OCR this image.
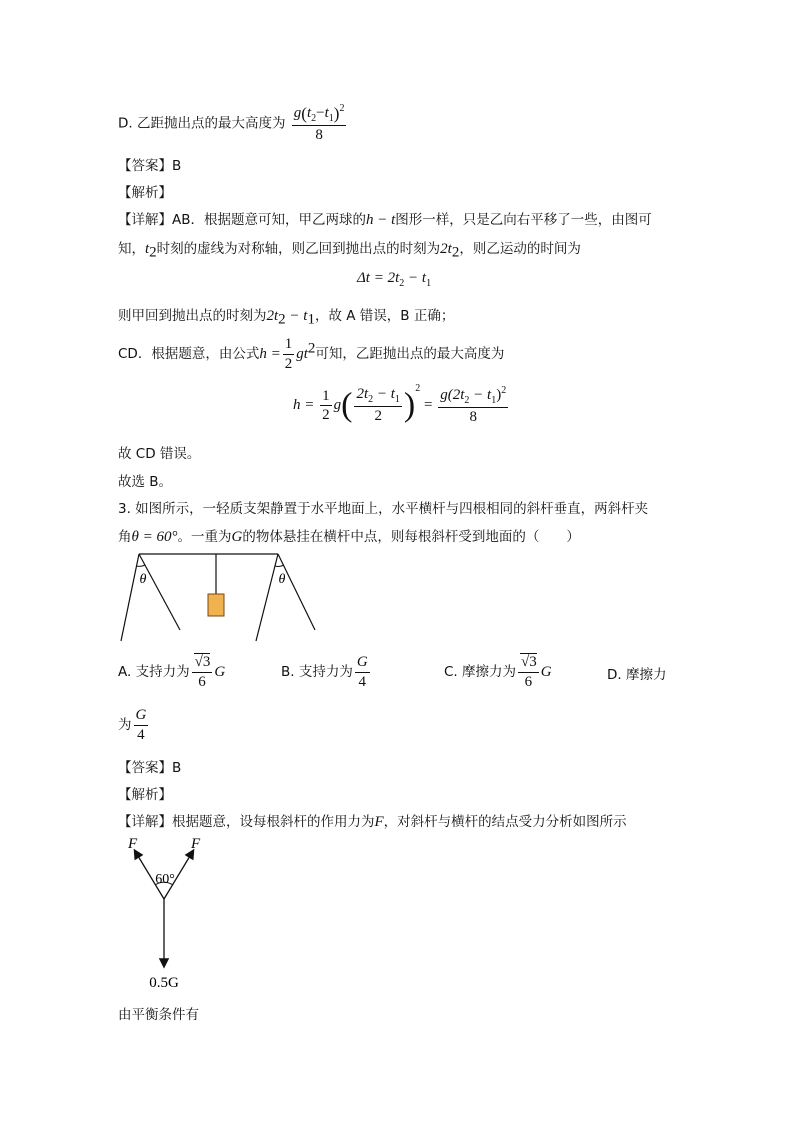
D. 乙距抛出点的最大高度为 $\frac{g(t_2-t_1)^2}{8}$
【答案】B
【解析】
【详解】AB．根据题意可知，甲乙两球的h − t图形一样，只是乙向右平移了一些，由图可
知，$t_2$时刻的虚线为对称轴，则乙回到抛出点的时刻为$2t_2$，则乙运动的时间为
$\Delta t = 2t_2 - t_1$
则甲回到抛出点的时刻为$2t_2 - t_1$，故 A 错误，B 正确；
CD．根据题意，由公式$h = \frac{1}{2} gt^2$可知，乙距抛出点的最大高度为
$h = \frac{1}{2} g( \frac{2t_2 - t_1}{2} )^2 = \frac{g(2t_2 - t_1)^2}{8}$
故 CD 错误。
故选 B。
3. 如图所示，一轻质支架静置于水平地面上，水平横杆与四根相同的斜杆垂直，两斜杆夹
角θ = 60°。一重为G的物体悬挂在横杆中点，则每根斜杆受到地面的（　　）
θ	θ
A. 支持力为 $\frac{√3}{6}$ G	B. 支持力为 $\frac{G}{4}$	C. 摩擦力为 $\frac{√3}{6}$ G	D. 摩擦力
为 $\frac{G}{4}$
【答案】B
【解析】
【详解】根据题意，设每根斜杆的作用力为F，对斜杆与横杆的结点受力分析如图所示
F	F
60°
0.5G
由平衡条件有
